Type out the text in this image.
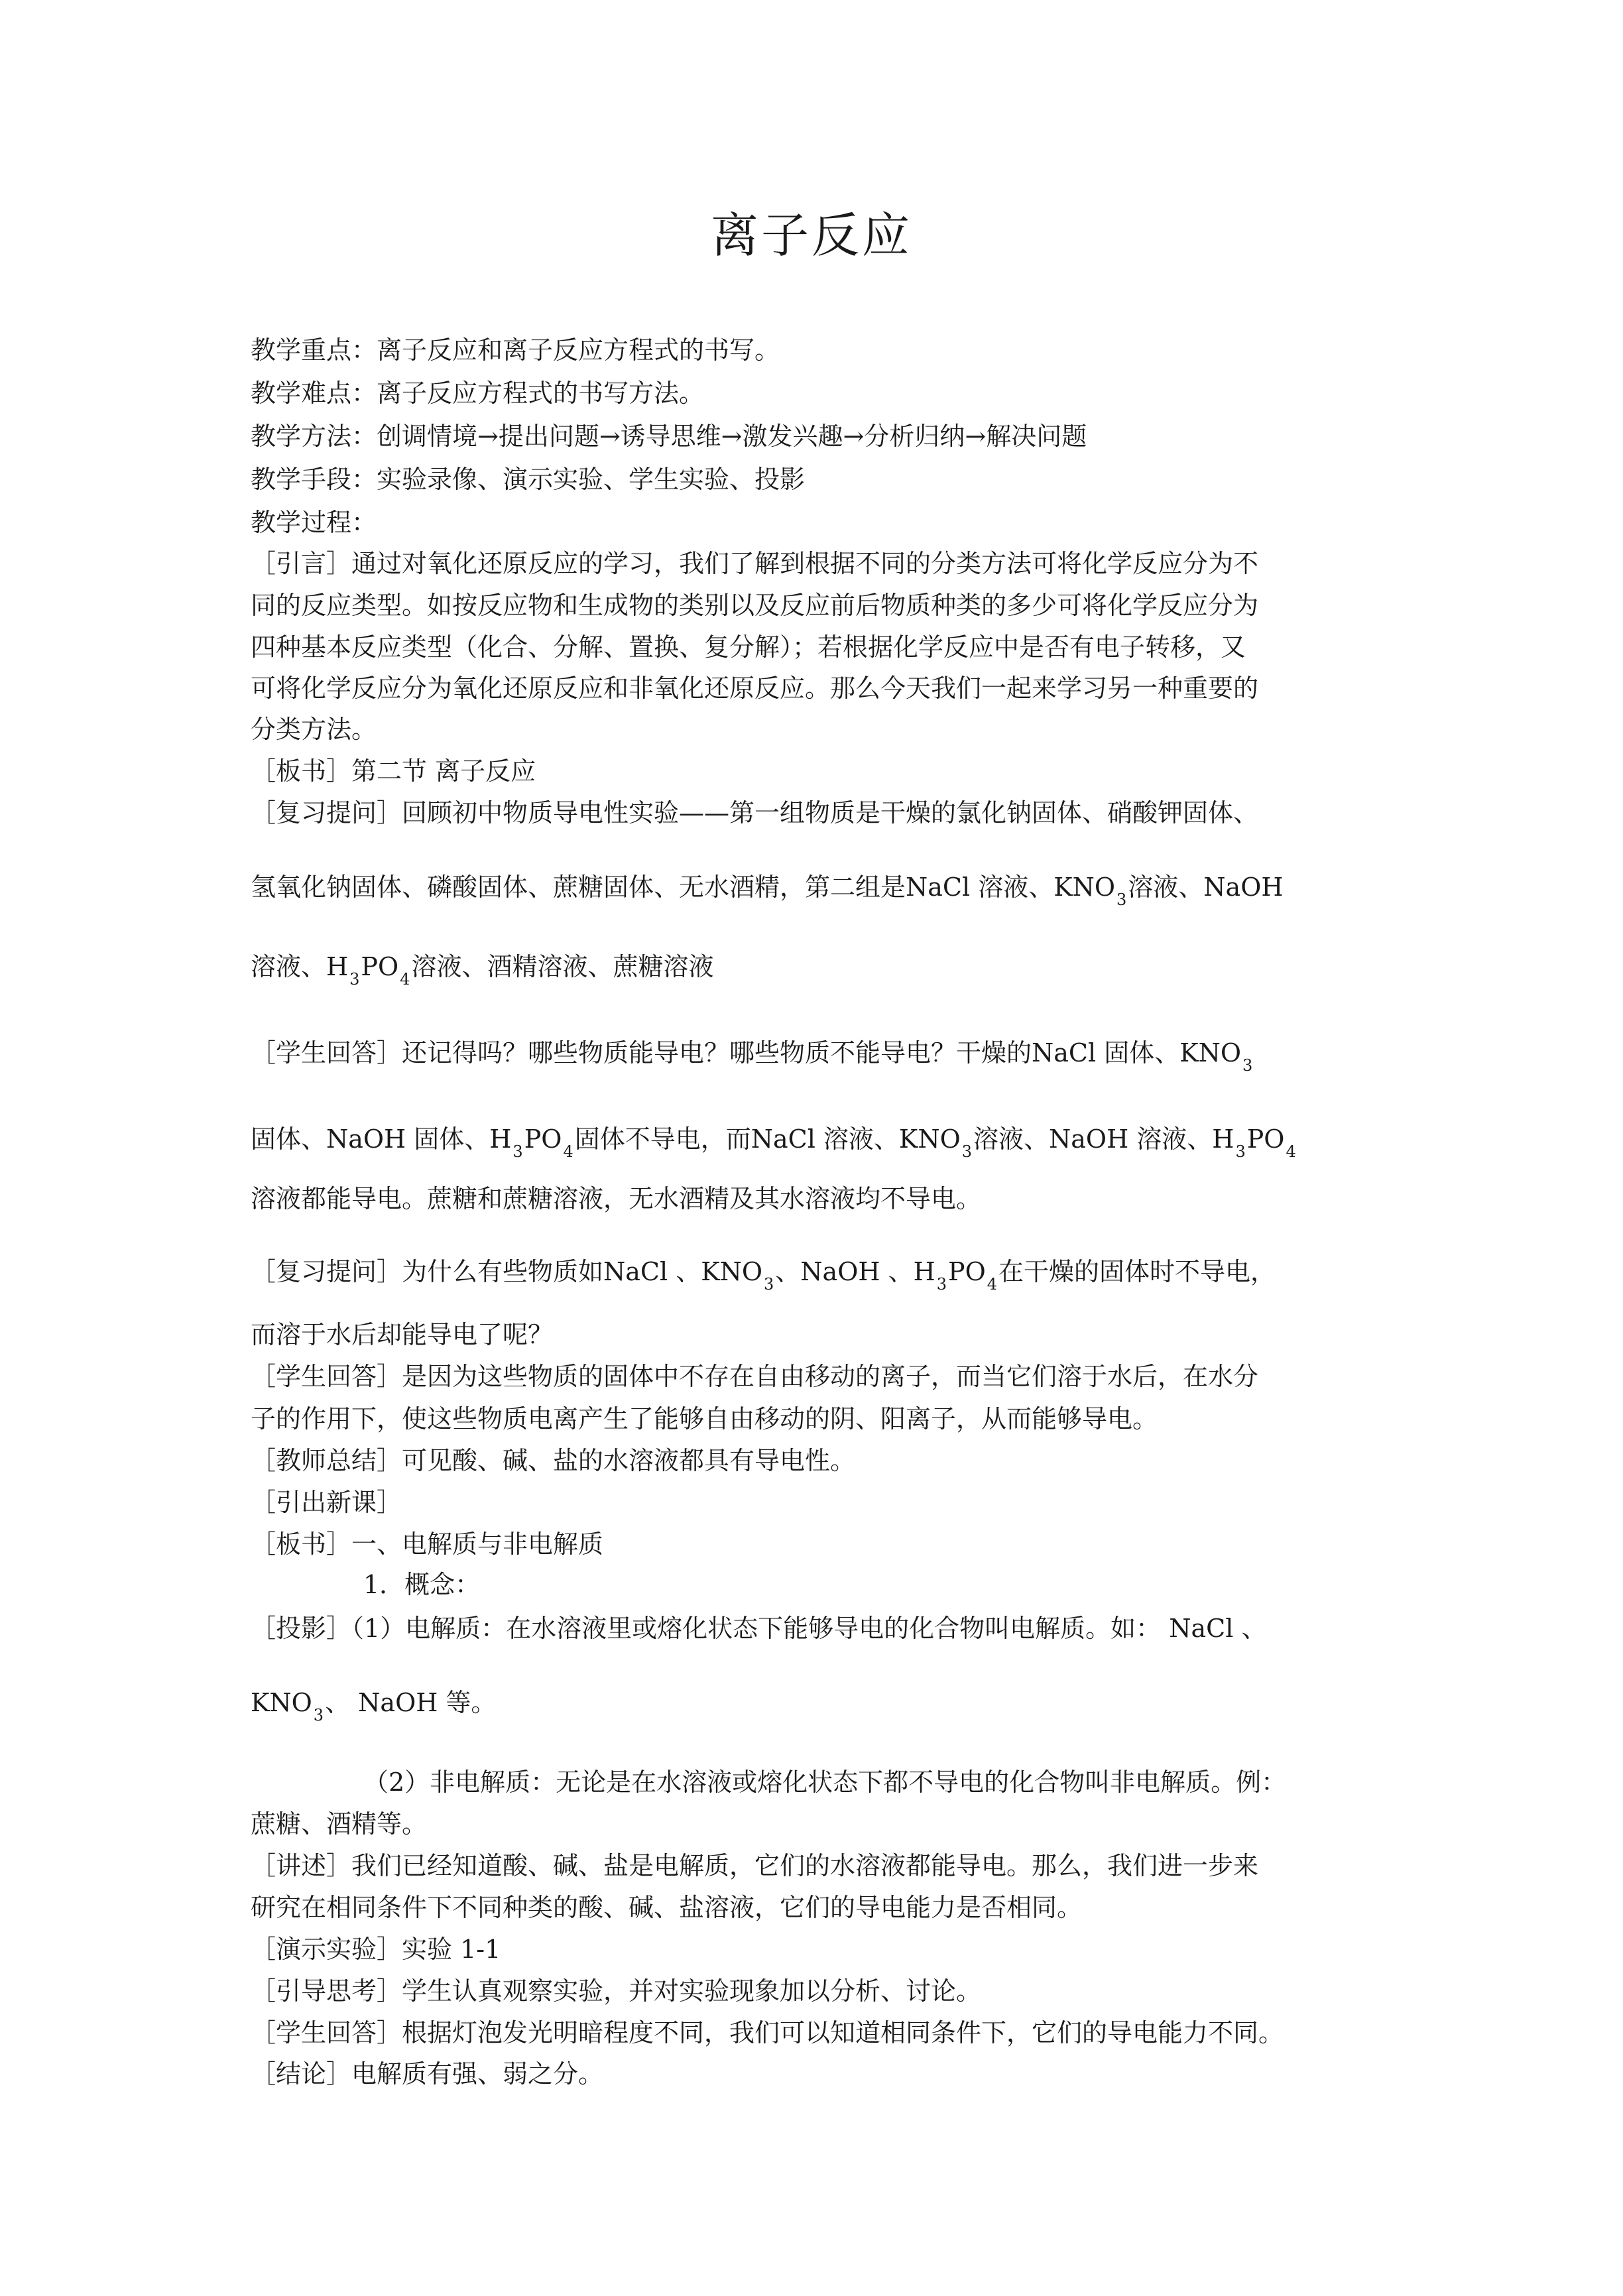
离子反应
教学重点：离子反应和离子反应方程式的书写。
教学难点：离子反应方程式的书写方法。
教学方法：创调情境→提出问题→诱导思维→激发兴趣→分析归纳→解决问题
教学手段：实验录像、演示实验、学生实验、投影
教学过程：
［引言］通过对氧化还原反应的学习，我们了解到根据不同的分类方法可将化学反应分为不
同的反应类型。如按反应物和生成物的类别以及反应前后物质种类的多少可将化学反应分为
四种基本反应类型（化合、分解、置换、复分解）；若根据化学反应中是否有电子转移，又
可将化学反应分为氧化还原反应和非氧化还原反应。那么今天我们一起来学习另一种重要的
分类方法。
［板书］第二节 离子反应
［复习提问］回顾初中物质导电性实验——第一组物质是干燥的氯化钠固体、硝酸钾固体、
氢氧化钠固体、磷酸固体、蔗糖固体、无水酒精，第二组是NaCl 溶液、$KNO_3$溶液、NaOH
溶液、$H_3PO_4$溶液、酒精溶液、蔗糖溶液
［学生回答］还记得吗？哪些物质能导电？哪些物质不能导电？干燥的NaCl 固体、$KNO_3$
固体、NaOH 固体、$H_3PO_4$固体不导电，而NaCl 溶液、$KNO_3$溶液、NaOH 溶液、$H_3PO_4$
溶液都能导电。蔗糖和蔗糖溶液，无水酒精及其水溶液均不导电。
［复习提问］为什么有些物质如NaCl 、$KNO_3$、NaOH 、$H_3PO_4$在干燥的固体时不导电，
而溶于水后却能导电了呢？
［学生回答］是因为这些物质的固体中不存在自由移动的离子，而当它们溶于水后，在水分
子的作用下，使这些物质电离产生了能够自由移动的阴、阳离子，从而能够导电。
［教师总结］可见酸、碱、盐的水溶液都具有导电性。
［引出新课］
［板书］一、电解质与非电解质
1．概念：
［投影］（1）电解质：在水溶液里或熔化状态下能够导电的化合物叫电解质。如： NaCl 、
$KNO_3$、 NaOH 等。
（2）非电解质：无论是在水溶液或熔化状态下都不导电的化合物叫非电解质。例：
蔗糖、酒精等。
［讲述］我们已经知道酸、碱、盐是电解质，它们的水溶液都能导电。那么，我们进一步来
研究在相同条件下不同种类的酸、碱、盐溶液，它们的导电能力是否相同。
［演示实验］实验 1-1
［引导思考］学生认真观察实验，并对实验现象加以分析、讨论。
［学生回答］根据灯泡发光明暗程度不同，我们可以知道相同条件下，它们的导电能力不同。
［结论］电解质有强、弱之分。
